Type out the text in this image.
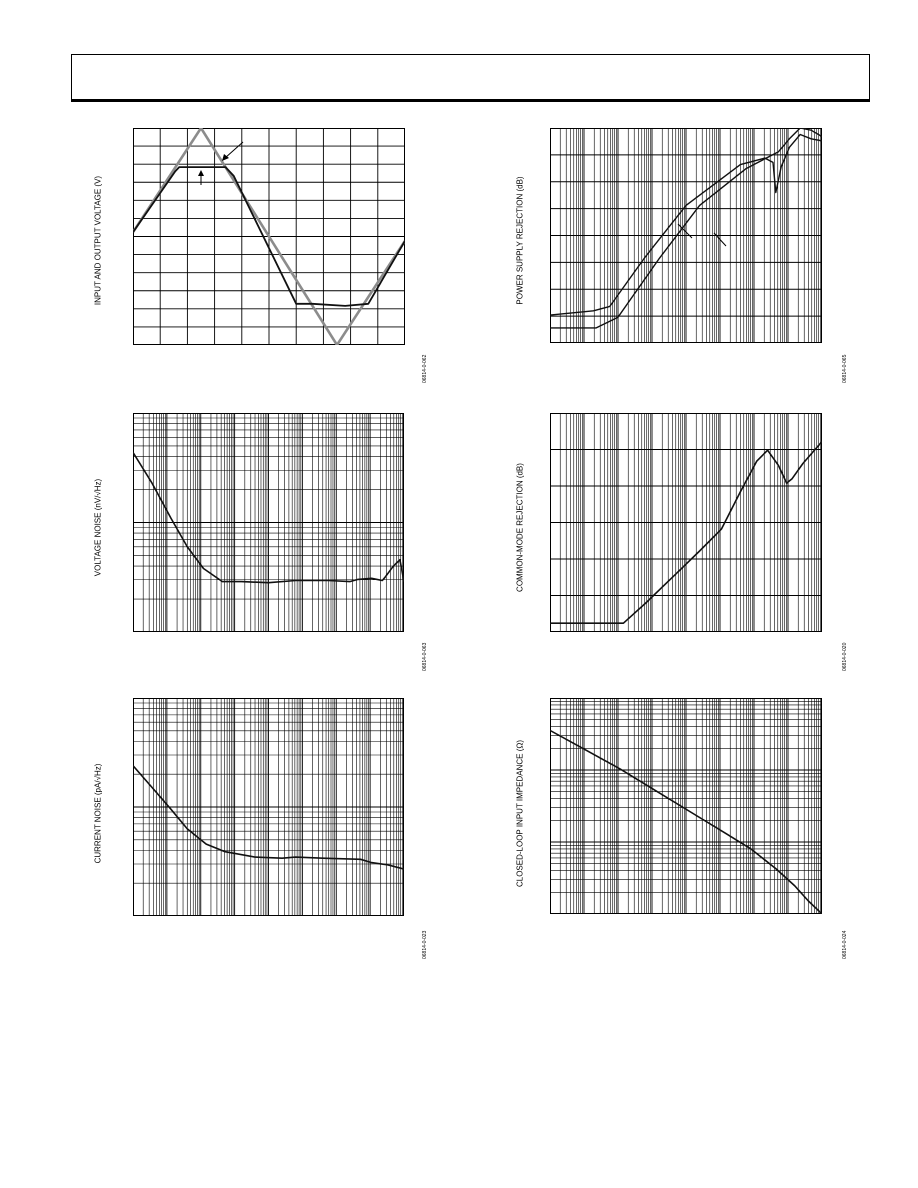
INPUT AND OUTPUT VOLTAGE (V)
06814-0-062
POWER SUPPLY REJECTION (dB)
06814-0-065
VOLTAGE NOISE (nV/√Hz)
06814-0-063
COMMON-MODE REJECTION (dB)
06814-0-020
CURRENT NOISE (pA/√Hz)
06814-0-023
CLOSED-LOOP INPUT IMPEDANCE (Ω)
06814-0-024
